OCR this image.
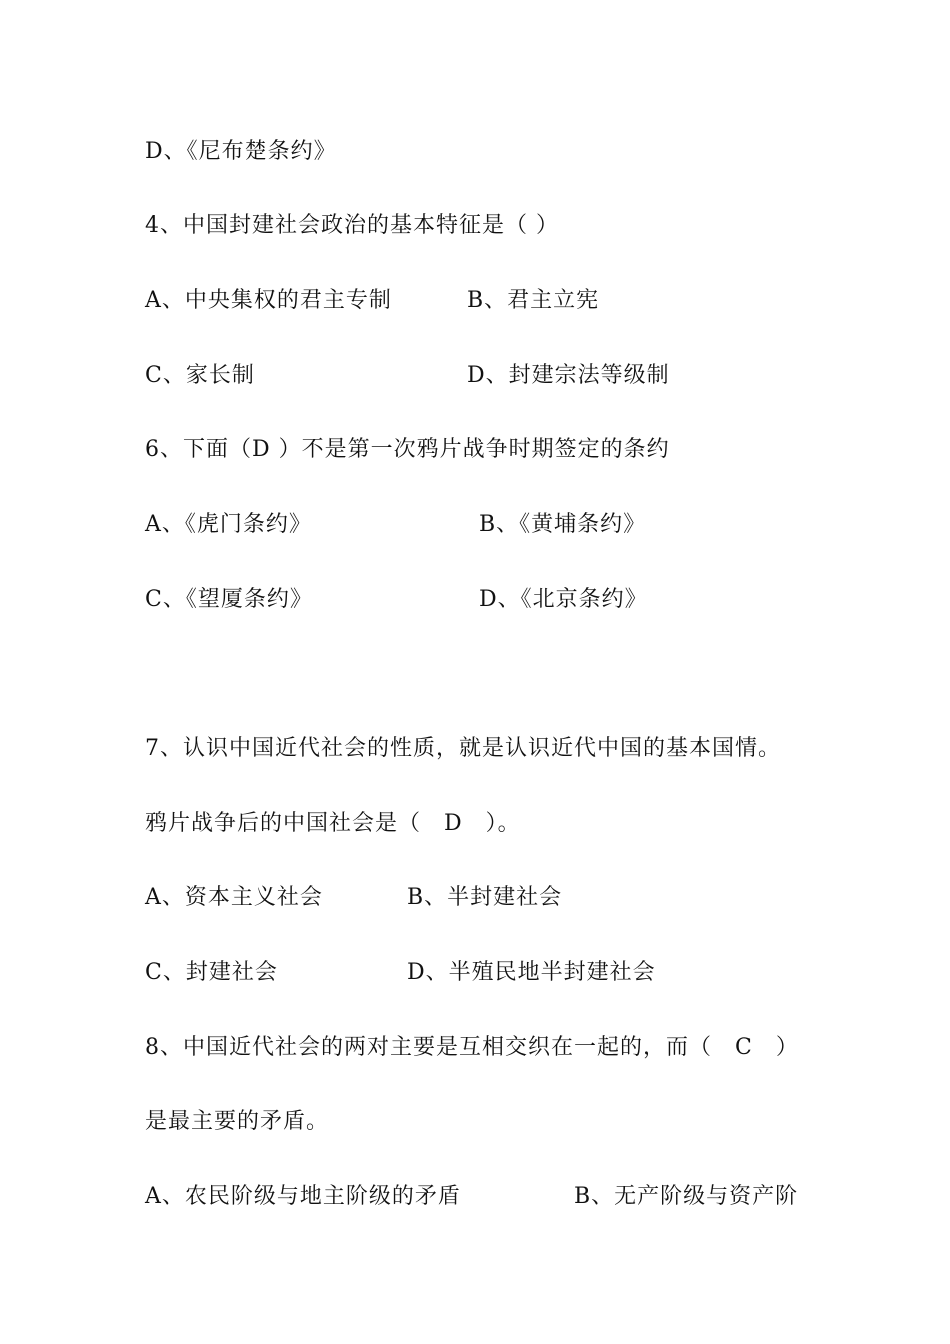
D、《尼布楚条约》
4、中国封建社会政治的基本特征是（ ）
A、中央集权的君主专制	B、君主立宪
C、家长制	D、封建宗法等级制
6、下面（D ）不是第一次鸦片战争时期签定的条约
A、《虎门条约》	B、《黄埔条约》
C、《望厦条约》	D、《北京条约》
7、认识中国近代社会的性质，就是认识近代中国的基本国情。
鸦片战争后的中国社会是（　D　）。
A、资本主义社会	B、半封建社会
C、封建社会	D、半殖民地半封建社会
8、中国近代社会的两对主要是互相交织在一起的，而（　C　）
是最主要的矛盾。
A、农民阶级与地主阶级的矛盾	B、无产阶级与资产阶
